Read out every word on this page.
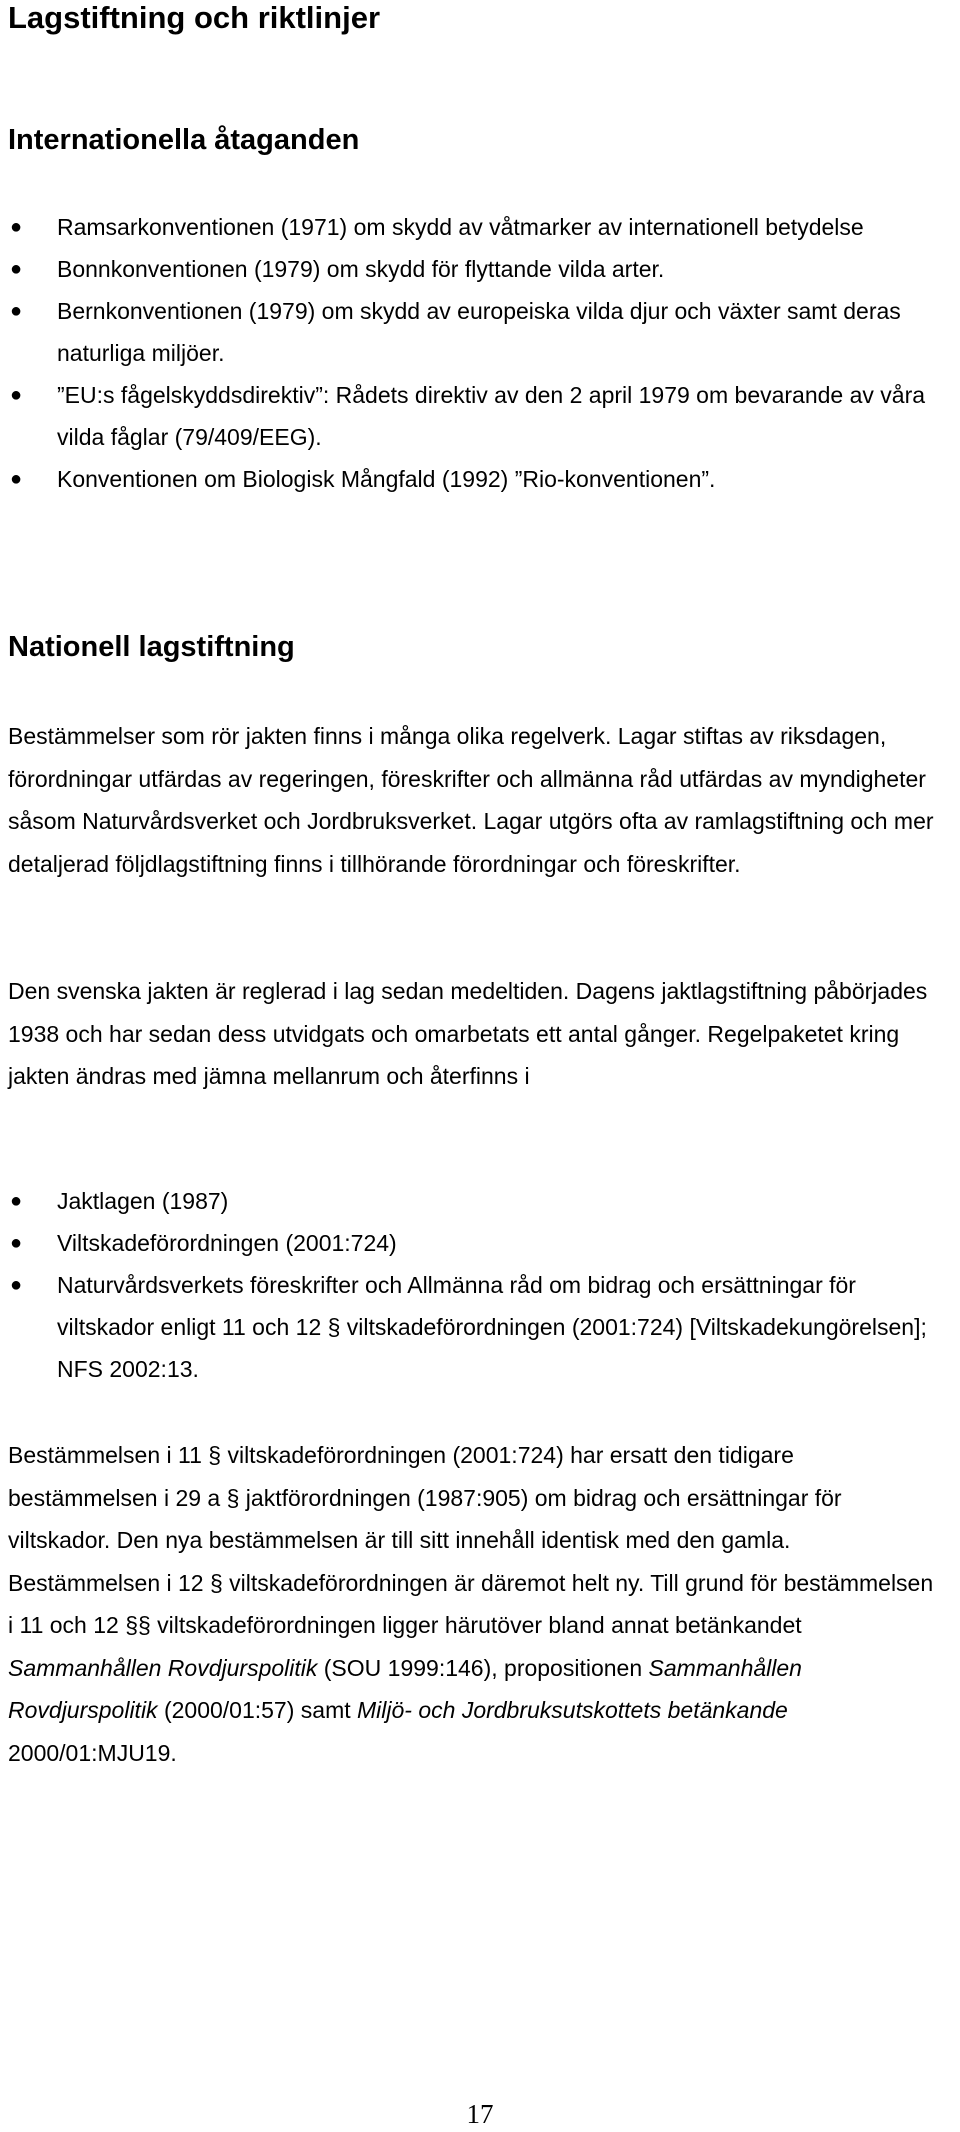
Lagstiftning och riktlinjer
Internationella åtaganden
● Ramsarkonventionen (1971) om skydd av våtmarker av internationell betydelse
● Bonnkonventionen (1979) om skydd för flyttande vilda arter.
● Bernkonventionen (1979) om skydd av europeiska vilda djur och växter samt deras naturliga miljöer.
● ”EU:s fågelskyddsdirektiv”: Rådets direktiv av den 2 april 1979 om bevarande av våra vilda fåglar (79/409/EEG).
● Konventionen om Biologisk Mångfald (1992) ”Rio-konventionen”.
Nationell lagstiftning

Bestämmelser som rör jakten finns i många olika regelverk. Lagar stiftas av riksdagen, förordningar utfärdas av regeringen, föreskrifter och allmänna råd utfärdas av myndigheter såsom Naturvårdsverket och Jordbruksverket. Lagar utgörs ofta av ramlagstiftning och mer detaljerad följdlagstiftning finns i tillhörande förordningar och föreskrifter.

Den svenska jakten är reglerad i lag sedan medeltiden. Dagens jaktlagstiftning påbörjades 1938 och har sedan dess utvidgats och omarbetats ett antal gånger. Regelpaketet kring jakten ändras med jämna mellanrum och återfinns i

● Jaktlagen (1987)
● Viltskadeförordningen (2001:724)
● Naturvårdsverkets föreskrifter och Allmänna råd om bidrag och ersättningar för viltskador enligt 11 och 12 § viltskadeförordningen (2001:724) [Viltskadekungörelsen]; NFS 2002:13.

Bestämmelsen i 11 § viltskadeförordningen (2001:724) har ersatt den tidigare bestämmelsen i 29 a § jaktförordningen (1987:905) om bidrag och ersättningar för viltskador. Den nya bestämmelsen är till sitt innehåll identisk med den gamla. Bestämmelsen i 12 § viltskadeförordningen är däremot helt ny. Till grund för bestämmelsen i 11 och 12 §§ viltskadeförordningen ligger härutöver bland annat betänkandet Sammanhållen Rovdjurspolitik (SOU 1999:146), propositionen Sammanhållen Rovdjurspolitik (2000/01:57) samt Miljö- och Jordbruksutskottets betänkande 2000/01:MJU19.

17
